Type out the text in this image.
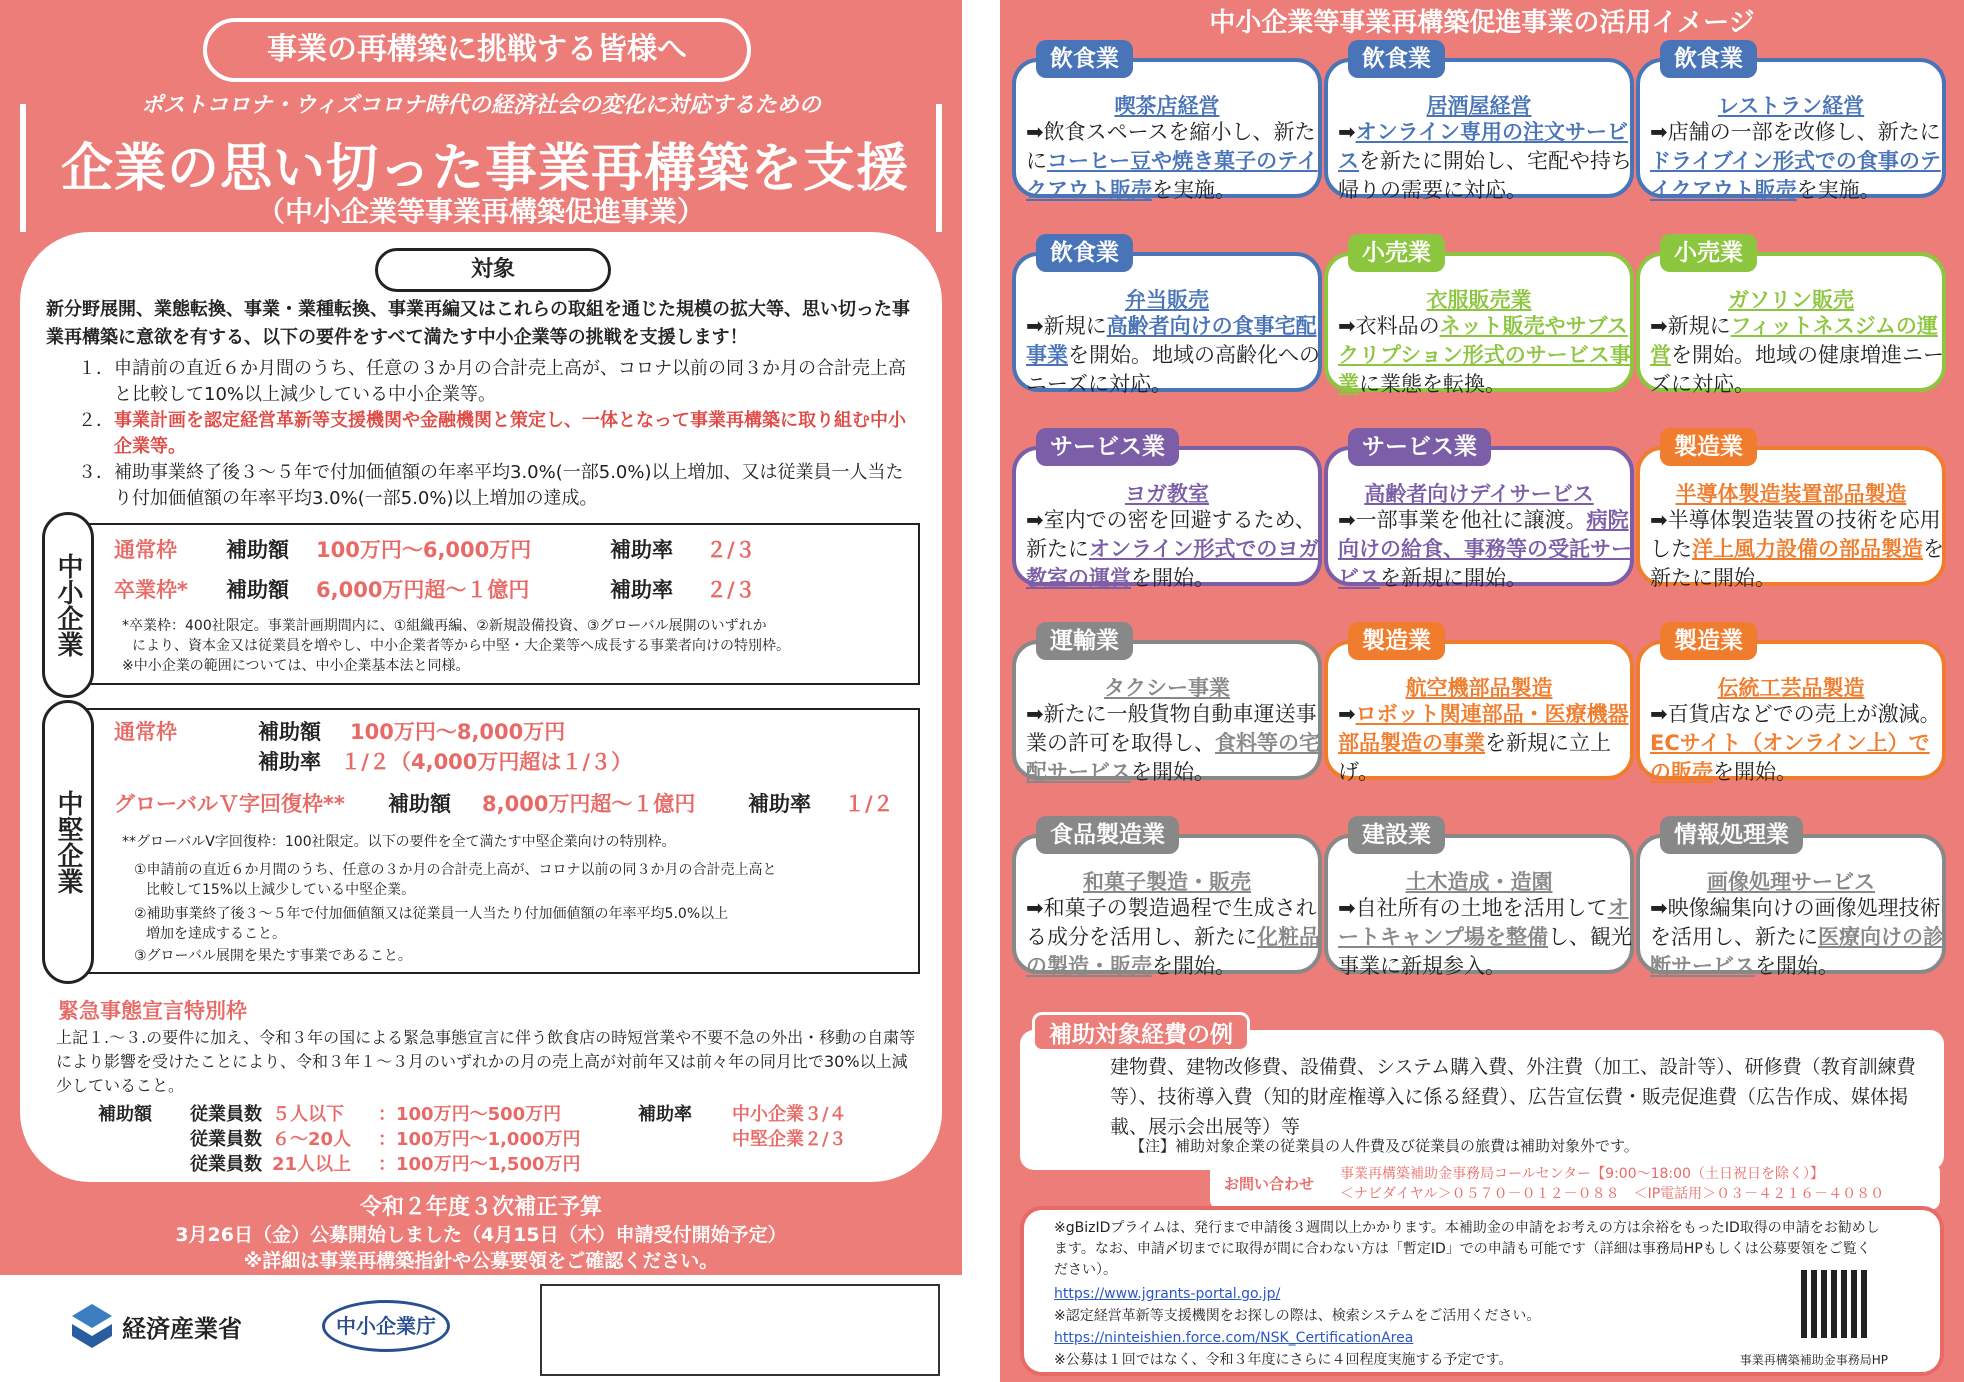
事業の再構築に挑戦する皆様へ
ポストコロナ・ウィズコロナ時代の経済社会の変化に対応するための
企業の思い切った事業再構築を支援
（中小企業等事業再構築促進事業）
対象
新分野展開、業態転換、事業・業種転換、事業再編又はこれらの取組を通じた規模の拡大等、思い切った事業再構築に意欲を有する、以下の要件をすべて満たす中小企業等の挑戦を支援します！
１． 申請前の直近６か月間のうち、任意の３か月の合計売上高が、コロナ以前の同３か月の合計売上高と比較して10%以上減少している中小企業等。
２． 事業計画を認定経営革新等支援機関や金融機関と策定し、一体となって事業再構築に取り組む中小企業等。
３． 補助事業終了後３～５年で付加価値額の年率平均3.0%(一部5.0%)以上増加、又は従業員一人当たり付加価値額の年率平均3.0%(一部5.0%)以上増加の達成。
中小企業
通常枠 補助額 100万円～6,000万円	補助率 ２/３
卒業枠* 補助額 6,000万円超～１億円	補助率 ２/３
*卒業枠：400社限定。事業計画期間内に、①組織再編、②新規設備投資、③グローバル展開のいずれか
により、資本金又は従業員を増やし、中小企業者等から中堅・大企業等へ成長する事業者向けの特別枠。
※中小企業の範囲については、中小企業基本法と同様。
中堅企業
通常枠	補助額 100万円～8,000万円
補助率 １/２（4,000万円超は１/３）
グローバルＶ字回復枠** 補助額 8,000万円超～１億円	補助率 １/２
**グローバルV字回復枠：100社限定。以下の要件を全て満たす中堅企業向けの特別枠。
①申請前の直近６か月間のうち、任意の３か月の合計売上高が、コロナ以前の同３か月の合計売上高と
比較して15%以上減少している中堅企業。
②補助事業終了後３～５年で付加価値額又は従業員一人当たり付加価値額の年率平均5.0%以上
増加を達成すること。
③グローバル展開を果たす事業であること。
緊急事態宣言特別枠
上記１.～３.の要件に加え、令和３年の国による緊急事態宣言に伴う飲食店の時短営業や不要不急の外出・移動の自粛等により影響を受けたことにより、令和３年１～３月のいずれかの月の売上高が対前年又は前々年の同月比で30%以上減少していること。
補助額 従業員数 ５人以下 ：100万円～500万円
従業員数 ６～20人 ：100万円～1,000万円
従業員数 21人以上 ：100万円～1,500万円
補助率 中小企業３/４
中堅企業２/３
令和２年度３次補正予算
3月26日（金）公募開始しました（4月15日（木）申請受付開始予定）
※詳細は事業再構築指針や公募要領をご確認ください。
経済産業省	中小企業庁
中小企業等事業再構築促進事業の活用イメージ
喫茶店経営
➡飲食スペースを縮小し、新たにコーヒー豆や焼き菓子のテイクアウト販売を実施。
飲食業
居酒屋経営
➡オンライン専用の注文サービスを新たに開始し、宅配や持ち帰りの需要に対応。
飲食業
レストラン経営
➡店舗の一部を改修し、新たにドライブイン形式での食事のテイクアウト販売を実施。
飲食業
弁当販売
➡新規に高齢者向けの食事宅配事業を開始。地域の高齢化へのニーズに対応。
飲食業
衣服販売業
➡衣料品のネット販売やサブスクリプション形式のサービス事業に業態を転換。
小売業
ガソリン販売
➡新規にフィットネスジムの運営を開始。地域の健康増進ニーズに対応。
小売業
ヨガ教室
➡室内での密を回避するため、新たにオンライン形式でのヨガ教室の運営を開始。
サービス業
高齢者向けデイサービス
➡一部事業を他社に譲渡。病院向けの給食、事務等の受託サービスを新規に開始。
サービス業
半導体製造装置部品製造
➡半導体製造装置の技術を応用した洋上風力設備の部品製造を新たに開始。
製造業
タクシー事業
➡新たに一般貨物自動車運送事業の許可を取得し、食料等の宅配サービスを開始。
運輸業
航空機部品製造
➡ロボット関連部品・医療機器部品製造の事業を新規に立上げ。
製造業
伝統工芸品製造
➡百貨店などでの売上が激減。ECサイト（オンライン上）での販売を開始。
製造業
和菓子製造・販売
➡和菓子の製造過程で生成される成分を活用し、新たに化粧品の製造・販売を開始。
食品製造業
土木造成・造園
➡自社所有の土地を活用してオートキャンプ場を整備し、観光事業に新規参入。
建設業
画像処理サービス
➡映像編集向けの画像処理技術を活用し、新たに医療向けの診断サービスを開始。
情報処理業
補助対象経費の例
建物費、建物改修費、設備費、システム購入費、外注費（加工、設計等）、研修費（教育訓練費等）、技術導入費（知的財産権導入に係る経費）、広告宣伝費・販売促進費（広告作成、媒体掲載、展示会出展等）等
【注】補助対象企業の従業員の人件費及び従業員の旅費は補助対象外です。
お問い合わせ
事業再構築補助金事務局コールセンター【9:00～18:00（土日祝日を除く）】
＜ナビダイヤル＞０５７０－０１２－０８８　＜IP電話用＞０３－４２１６－４０８０
※gBizIDプライムは、発行まで申請後３週間以上かかります。本補助金の申請をお考えの方は余裕をもったID取得の申請をお勧めします。なお、申請〆切までに取得が間に合わない方は「暫定ID」での申請も可能です（詳細は事務局HPもしくは公募要領をご覧ください）。
https://www.jgrants-portal.go.jp/
※認定経営革新等支援機関をお探しの際は、検索システムをご活用ください。
https://ninteishien.force.com/NSK_CertificationArea
※公募は１回ではなく、令和３年度にさらに４回程度実施する予定です。	事業再構築補助金事務局HP
